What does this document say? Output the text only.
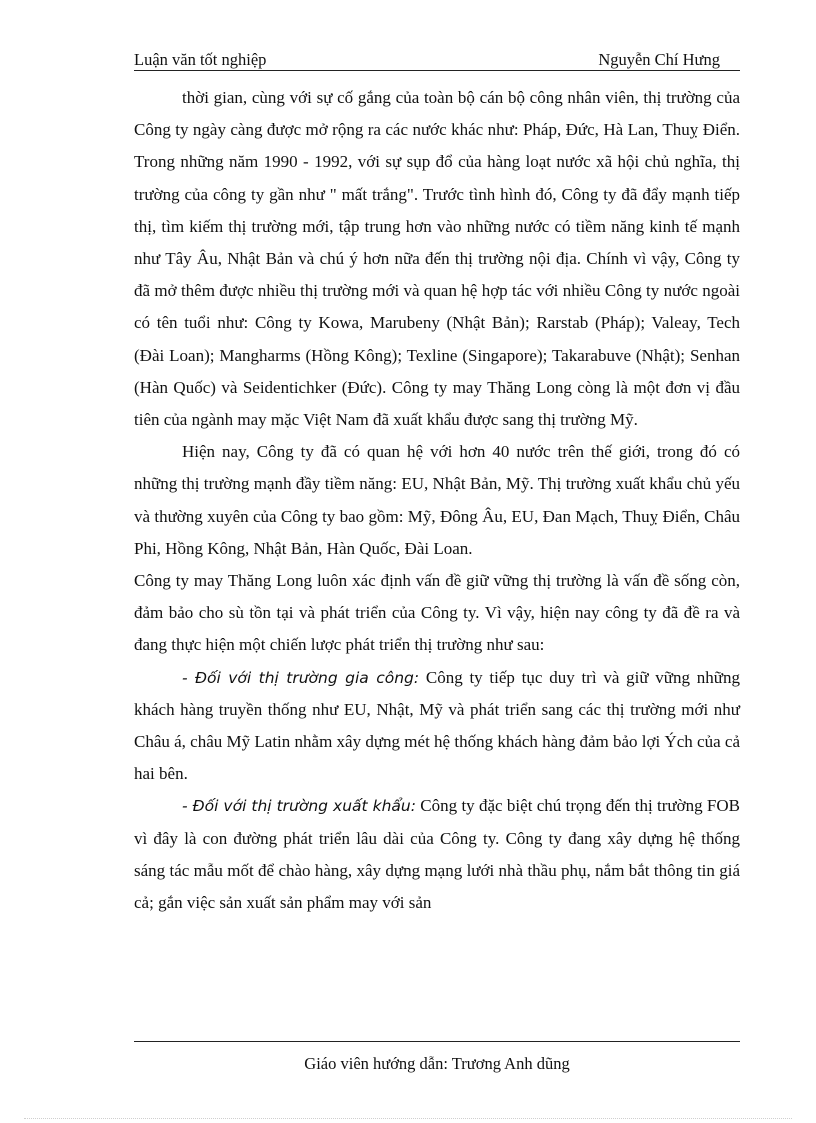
Luận văn tốt nghiệp	Nguyễn Chí Hưng

thời gian, cùng với sự cố gắng của toàn bộ cán bộ công nhân viên, thị trường của Công ty ngày càng được mở rộng ra các nước khác như: Pháp, Đức, Hà Lan, Thuỵ Điển. Trong những năm 1990 - 1992, với sự sụp đổ của hàng loạt nước xã hội chủ nghĩa, thị trường của công ty gần như " mất trắng". Trước tình hình đó, Công ty đã đẩy mạnh tiếp thị, tìm kiếm thị trường mới, tập trung hơn vào những nước có tiềm năng kinh tế mạnh như Tây Âu, Nhật Bản và chú ý hơn nữa đến thị trường nội địa. Chính vì vậy, Công ty đã mở thêm được nhiều thị trường mới và quan hệ hợp tác với nhiều Công ty nước ngoài có tên tuổi như: Công ty Kowa, Marubeny (Nhật Bản); Rarstab (Pháp); Valeay, Tech (Đài Loan); Mangharms (Hồng Kông); Texline (Singapore); Takarabuve (Nhật); Senhan (Hàn Quốc) và Seidentichker (Đức). Công ty may Thăng Long còng là một đơn vị đầu tiên của ngành may mặc Việt Nam đã xuất khẩu được sang thị trường Mỹ.

Hiện nay, Công ty đã có quan hệ với hơn 40 nước trên thế giới, trong đó có những thị trường mạnh đầy tiềm năng: EU, Nhật Bản, Mỹ. Thị trường xuất khẩu chủ yếu và thường xuyên của Công ty bao gồm: Mỹ, Đông Âu, EU, Đan Mạch, Thuỵ Điển, Châu Phi, Hồng Kông, Nhật Bản, Hàn Quốc, Đài Loan.

Công ty may Thăng Long luôn xác định vấn đề giữ vững thị trường là vấn đề sống còn, đảm bảo cho sù tồn tại và phát triển của Công ty. Vì vậy, hiện nay công ty đã đề ra và đang thực hiện một chiến lược phát triển thị trường như sau:

- Đối với thị trường gia công: Công ty tiếp tục duy trì và giữ vững những khách hàng truyền thống như EU, Nhật, Mỹ và phát triển sang các thị trường mới như Châu á, châu Mỹ Latin nhằm xây dựng mét hệ thống khách hàng đảm bảo lợi Ých của cả hai bên.

- Đối với thị trường xuất khẩu: Công ty đặc biệt chú trọng đến thị trường FOB vì đây là con đường phát triển lâu dài của Công ty. Công ty đang xây dựng hệ thống sáng tác mẫu mốt để chào hàng, xây dựng mạng lưới nhà thầu phụ, nắm bắt thông tin giá cả; gắn việc sản xuất sản phẩm may với sản

Giáo viên hướng dẫn: Trương Anh dũng
